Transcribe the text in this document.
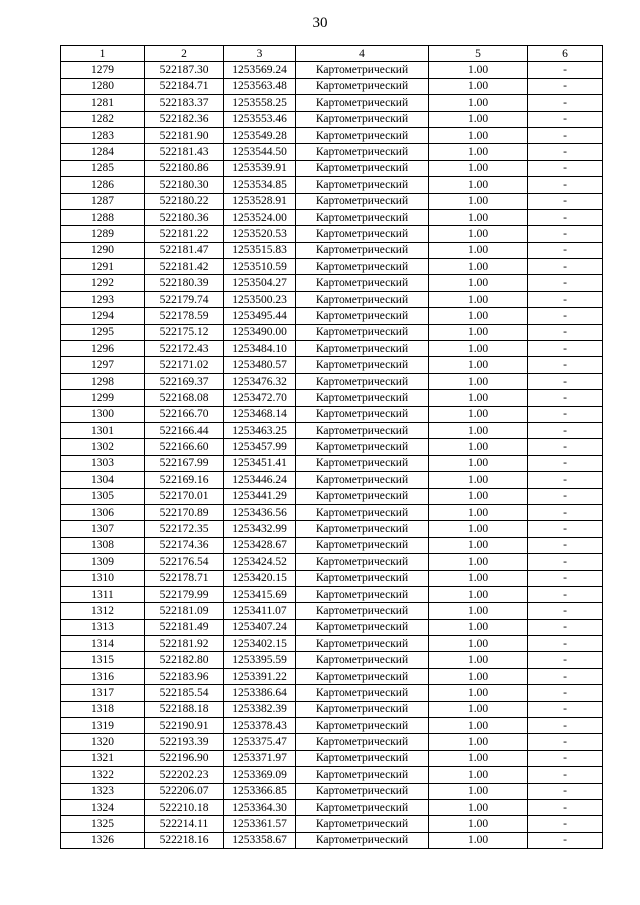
30
1	2	3	4	5	6
1279	522187.30	1253569.24	Картометрический	1.00	-
1280	522184.71	1253563.48	Картометрический	1.00	-
1281	522183.37	1253558.25	Картометрический	1.00	-
1282	522182.36	1253553.46	Картометрический	1.00	-
1283	522181.90	1253549.28	Картометрический	1.00	-
1284	522181.43	1253544.50	Картометрический	1.00	-
1285	522180.86	1253539.91	Картометрический	1.00	-
1286	522180.30	1253534.85	Картометрический	1.00	-
1287	522180.22	1253528.91	Картометрический	1.00	-
1288	522180.36	1253524.00	Картометрический	1.00	-
1289	522181.22	1253520.53	Картометрический	1.00	-
1290	522181.47	1253515.83	Картометрический	1.00	-
1291	522181.42	1253510.59	Картометрический	1.00	-
1292	522180.39	1253504.27	Картометрический	1.00	-
1293	522179.74	1253500.23	Картометрический	1.00	-
1294	522178.59	1253495.44	Картометрический	1.00	-
1295	522175.12	1253490.00	Картометрический	1.00	-
1296	522172.43	1253484.10	Картометрический	1.00	-
1297	522171.02	1253480.57	Картометрический	1.00	-
1298	522169.37	1253476.32	Картометрический	1.00	-
1299	522168.08	1253472.70	Картометрический	1.00	-
1300	522166.70	1253468.14	Картометрический	1.00	-
1301	522166.44	1253463.25	Картометрический	1.00	-
1302	522166.60	1253457.99	Картометрический	1.00	-
1303	522167.99	1253451.41	Картометрический	1.00	-
1304	522169.16	1253446.24	Картометрический	1.00	-
1305	522170.01	1253441.29	Картометрический	1.00	-
1306	522170.89	1253436.56	Картометрический	1.00	-
1307	522172.35	1253432.99	Картометрический	1.00	-
1308	522174.36	1253428.67	Картометрический	1.00	-
1309	522176.54	1253424.52	Картометрический	1.00	-
1310	522178.71	1253420.15	Картометрический	1.00	-
1311	522179.99	1253415.69	Картометрический	1.00	-
1312	522181.09	1253411.07	Картометрический	1.00	-
1313	522181.49	1253407.24	Картометрический	1.00	-
1314	522181.92	1253402.15	Картометрический	1.00	-
1315	522182.80	1253395.59	Картометрический	1.00	-
1316	522183.96	1253391.22	Картометрический	1.00	-
1317	522185.54	1253386.64	Картометрический	1.00	-
1318	522188.18	1253382.39	Картометрический	1.00	-
1319	522190.91	1253378.43	Картометрический	1.00	-
1320	522193.39	1253375.47	Картометрический	1.00	-
1321	522196.90	1253371.97	Картометрический	1.00	-
1322	522202.23	1253369.09	Картометрический	1.00	-
1323	522206.07	1253366.85	Картометрический	1.00	-
1324	522210.18	1253364.30	Картометрический	1.00	-
1325	522214.11	1253361.57	Картометрический	1.00	-
1326	522218.16	1253358.67	Картометрический	1.00	-
